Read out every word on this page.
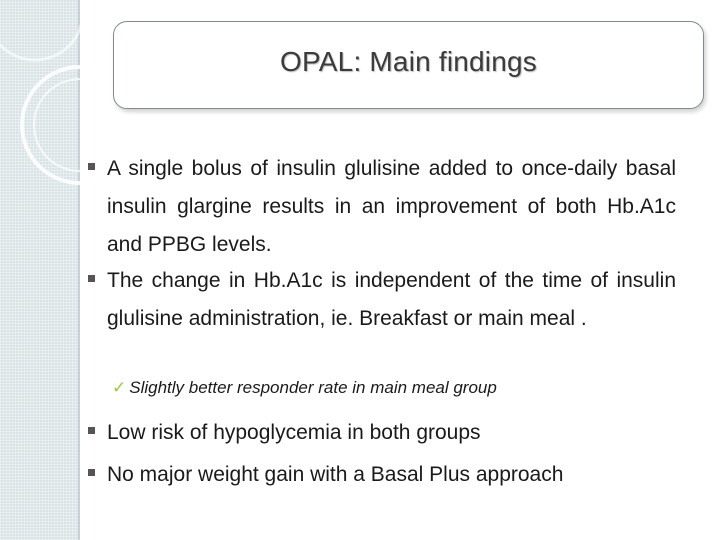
OPAL: Main findings
A single bolus of insulin glulisine added to once-daily basal insulin glargine results in an improvement of both Hb.A1c and PPBG levels.
The change in Hb.A1c is independent of the time of insulin glulisine administration, ie. Breakfast or main meal .
✓ Slightly better responder rate in main meal group
Low risk of hypoglycemia in both groups
No major weight gain with a Basal Plus approach
